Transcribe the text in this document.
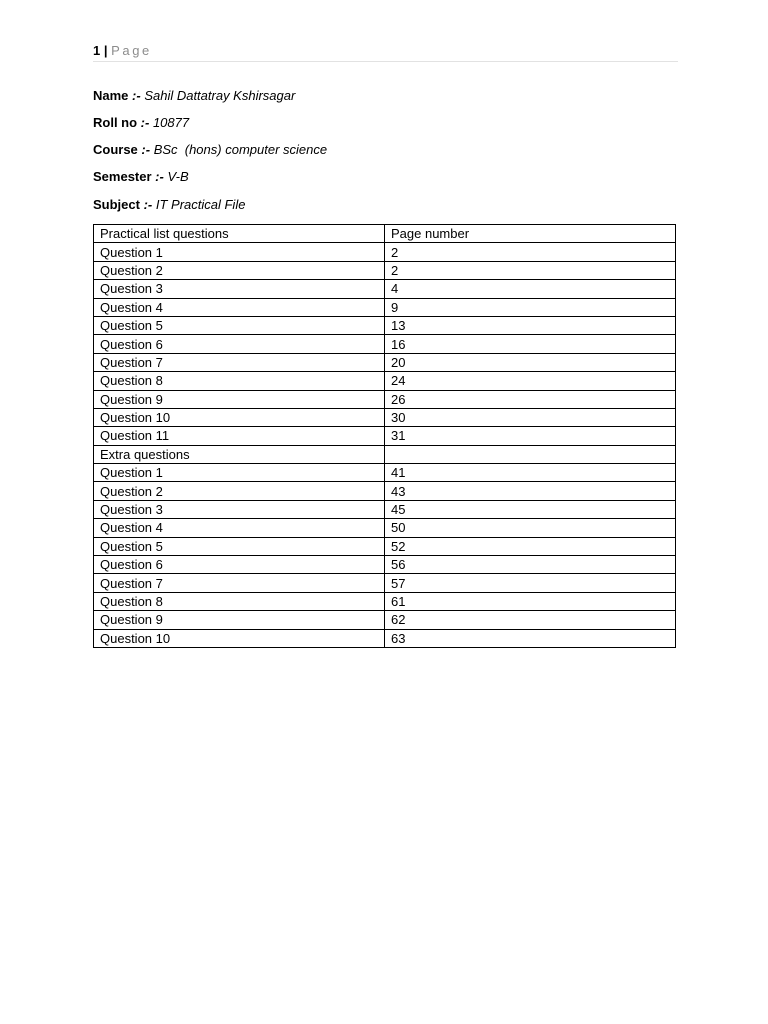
1 | Page
Name :- Sahil Dattatray Kshirsagar
Roll no :- 10877
Course :- BSc  (hons) computer science
Semester :- V-B
Subject :- IT Practical File
Practical list questions	Page number
Question 1	2
Question 2	2
Question 3	4
Question 4	9
Question 5	13
Question 6	16
Question 7	20
Question 8	24
Question 9	26
Question 10	30
Question 11	31
Extra questions	
Question 1	41
Question 2	43
Question 3	45
Question 4	50
Question 5	52
Question 6	56
Question 7	57
Question 8	61
Question 9	62
Question 10	63
